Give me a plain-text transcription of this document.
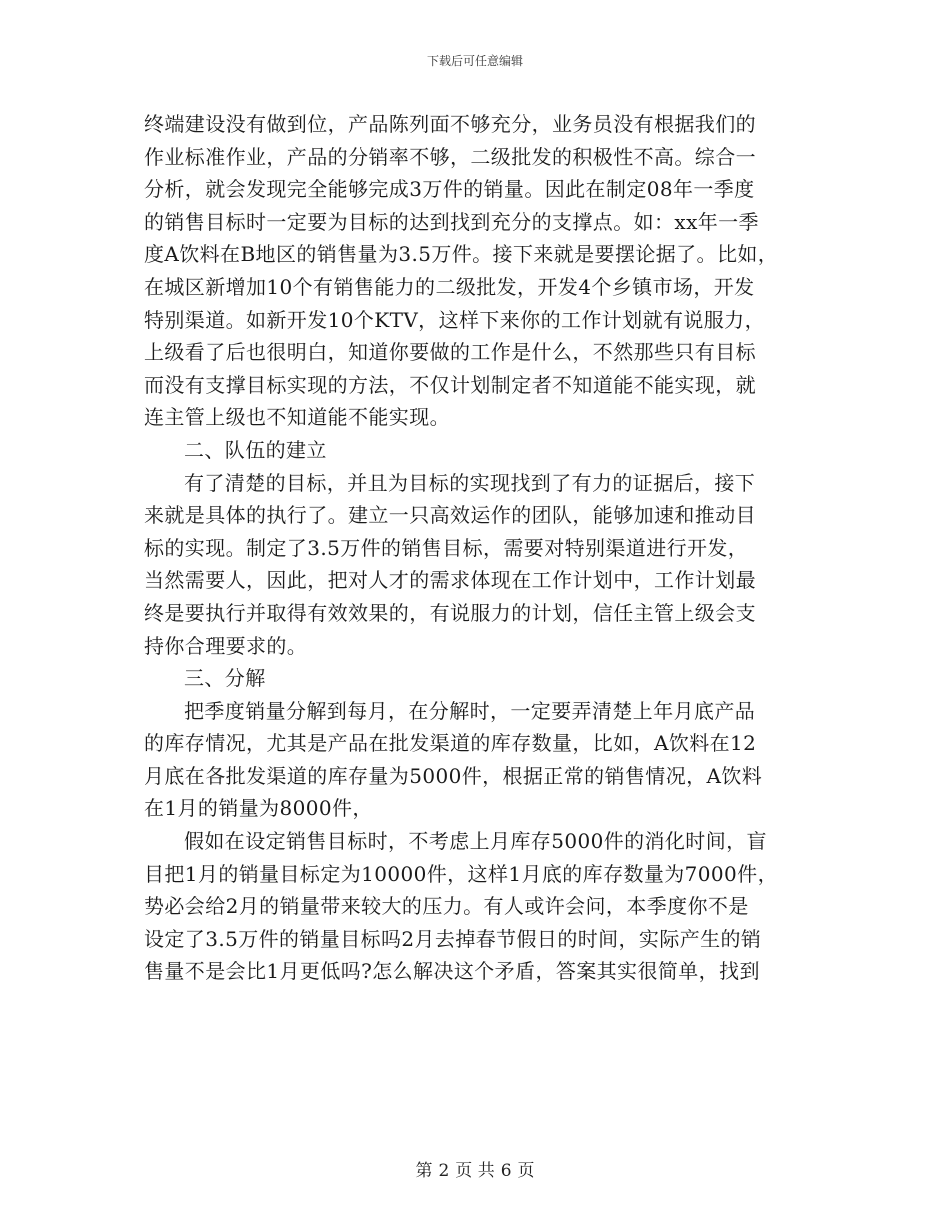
下载后可任意编辑
终端建设没有做到位，产品陈列面不够充分，业务员没有根据我们的
作业标准作业，产品的分销率不够，二级批发的积极性不高。综合一
分析，就会发现完全能够完成3万件的销量。因此在制定08年一季度
的销售目标时一定要为目标的达到找到充分的支撑点。如：xx年一季
度A饮料在B地区的销售量为3.5万件。接下来就是要摆论据了。比如，
在城区新增加10个有销售能力的二级批发，开发4个乡镇市场，开发
特别渠道。如新开发10个KTV，这样下来你的工作计划就有说服力，
上级看了后也很明白，知道你要做的工作是什么，不然那些只有目标
而没有支撑目标实现的方法，不仅计划制定者不知道能不能实现，就
连主管上级也不知道能不能实现。
二、队伍的建立
有了清楚的目标，并且为目标的实现找到了有力的证据后，接下
来就是具体的执行了。建立一只高效运作的团队，能够加速和推动目
标的实现。制定了3.5万件的销售目标，需要对特别渠道进行开发，
当然需要人，因此，把对人才的需求体现在工作计划中，工作计划最
终是要执行并取得有效效果的，有说服力的计划，信任主管上级会支
持你合理要求的。
三、分解
把季度销量分解到每月，在分解时，一定要弄清楚上年月底产品
的库存情况，尤其是产品在批发渠道的库存数量，比如，A饮料在12
月底在各批发渠道的库存量为5000件，根据正常的销售情况，A饮料
在1月的销量为8000件，
假如在设定销售目标时，不考虑上月库存5000件的消化时间，盲
目把1月的销量目标定为10000件，这样1月底的库存数量为7000件，
势必会给2月的销量带来较大的压力。有人或许会问，本季度你不是
设定了3.5万件的销量目标吗2月去掉春节假日的时间，实际产生的销
售量不是会比1月更低吗?怎么解决这个矛盾，答案其实很简单，找到
第 2 页 共 6 页
